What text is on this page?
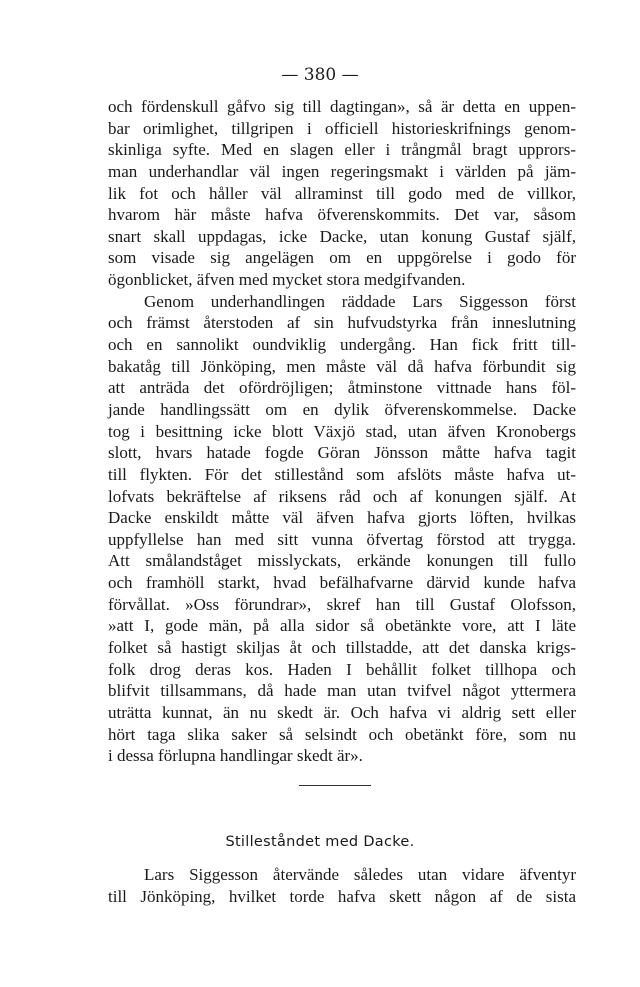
— 380 —
och fördenskull gåfvo sig till dagtingan», så är detta en uppen-
bar orimlighet, tillgripen i officiell historieskrifnings genom-
skinliga syfte. Med en slagen eller i trångmål bragt upprors-
man underhandlar väl ingen regeringsmakt i världen på jäm-
lik fot och håller väl allraminst till godo med de villkor,
hvarom här måste hafva öfverenskommits. Det var, såsom
snart skall uppdagas, icke Dacke, utan konung Gustaf själf,
som visade sig angelägen om en uppgörelse i godo för
ögonblicket, äfven med mycket stora medgifvanden.
Genom underhandlingen räddade Lars Siggesson först
och främst återstoden af sin hufvudstyrka från inneslutning
och en sannolikt oundviklig undergång. Han fick fritt till-
bakatåg till Jönköping, men måste väl då hafva förbundit sig
att anträda det ofördröjligen; åtminstone vittnade hans föl-
jande handlingssätt om en dylik öfverenskommelse. Dacke
tog i besittning icke blott Växjö stad, utan äfven Kronobergs
slott, hvars hatade fogde Göran Jönsson måtte hafva tagit
till flykten. För det stillestånd som afslöts måste hafva ut-
lofvats bekräftelse af riksens råd och af konungen själf. At
Dacke enskildt måtte väl äfven hafva gjorts löften, hvilkas
uppfyllelse han med sitt vunna öfvertag förstod att trygga.
Att smålandståget misslyckats, erkände konungen till fullo
och framhöll starkt, hvad befälhafvarne därvid kunde hafva
förvållat. »Oss förundrar», skref han till Gustaf Olofsson,
»att I, gode män, på alla sidor så obetänkte vore, att I läte
folket så hastigt skiljas åt och tillstadde, att det danska krigs-
folk drog deras kos. Haden I behållit folket tillhopa och
blifvit tillsammans, då hade man utan tvifvel något yttermera
uträtta kunnat, än nu skedt är. Och hafva vi aldrig sett eller
hört taga slika saker så selsindt och obetänkt före, som nu
i dessa förlupna handlingar skedt är».
Stilleståndet med Dacke.
Lars Siggesson återvände således utan vidare äfventyr
till Jönköping, hvilket torde hafva skett någon af de sista
